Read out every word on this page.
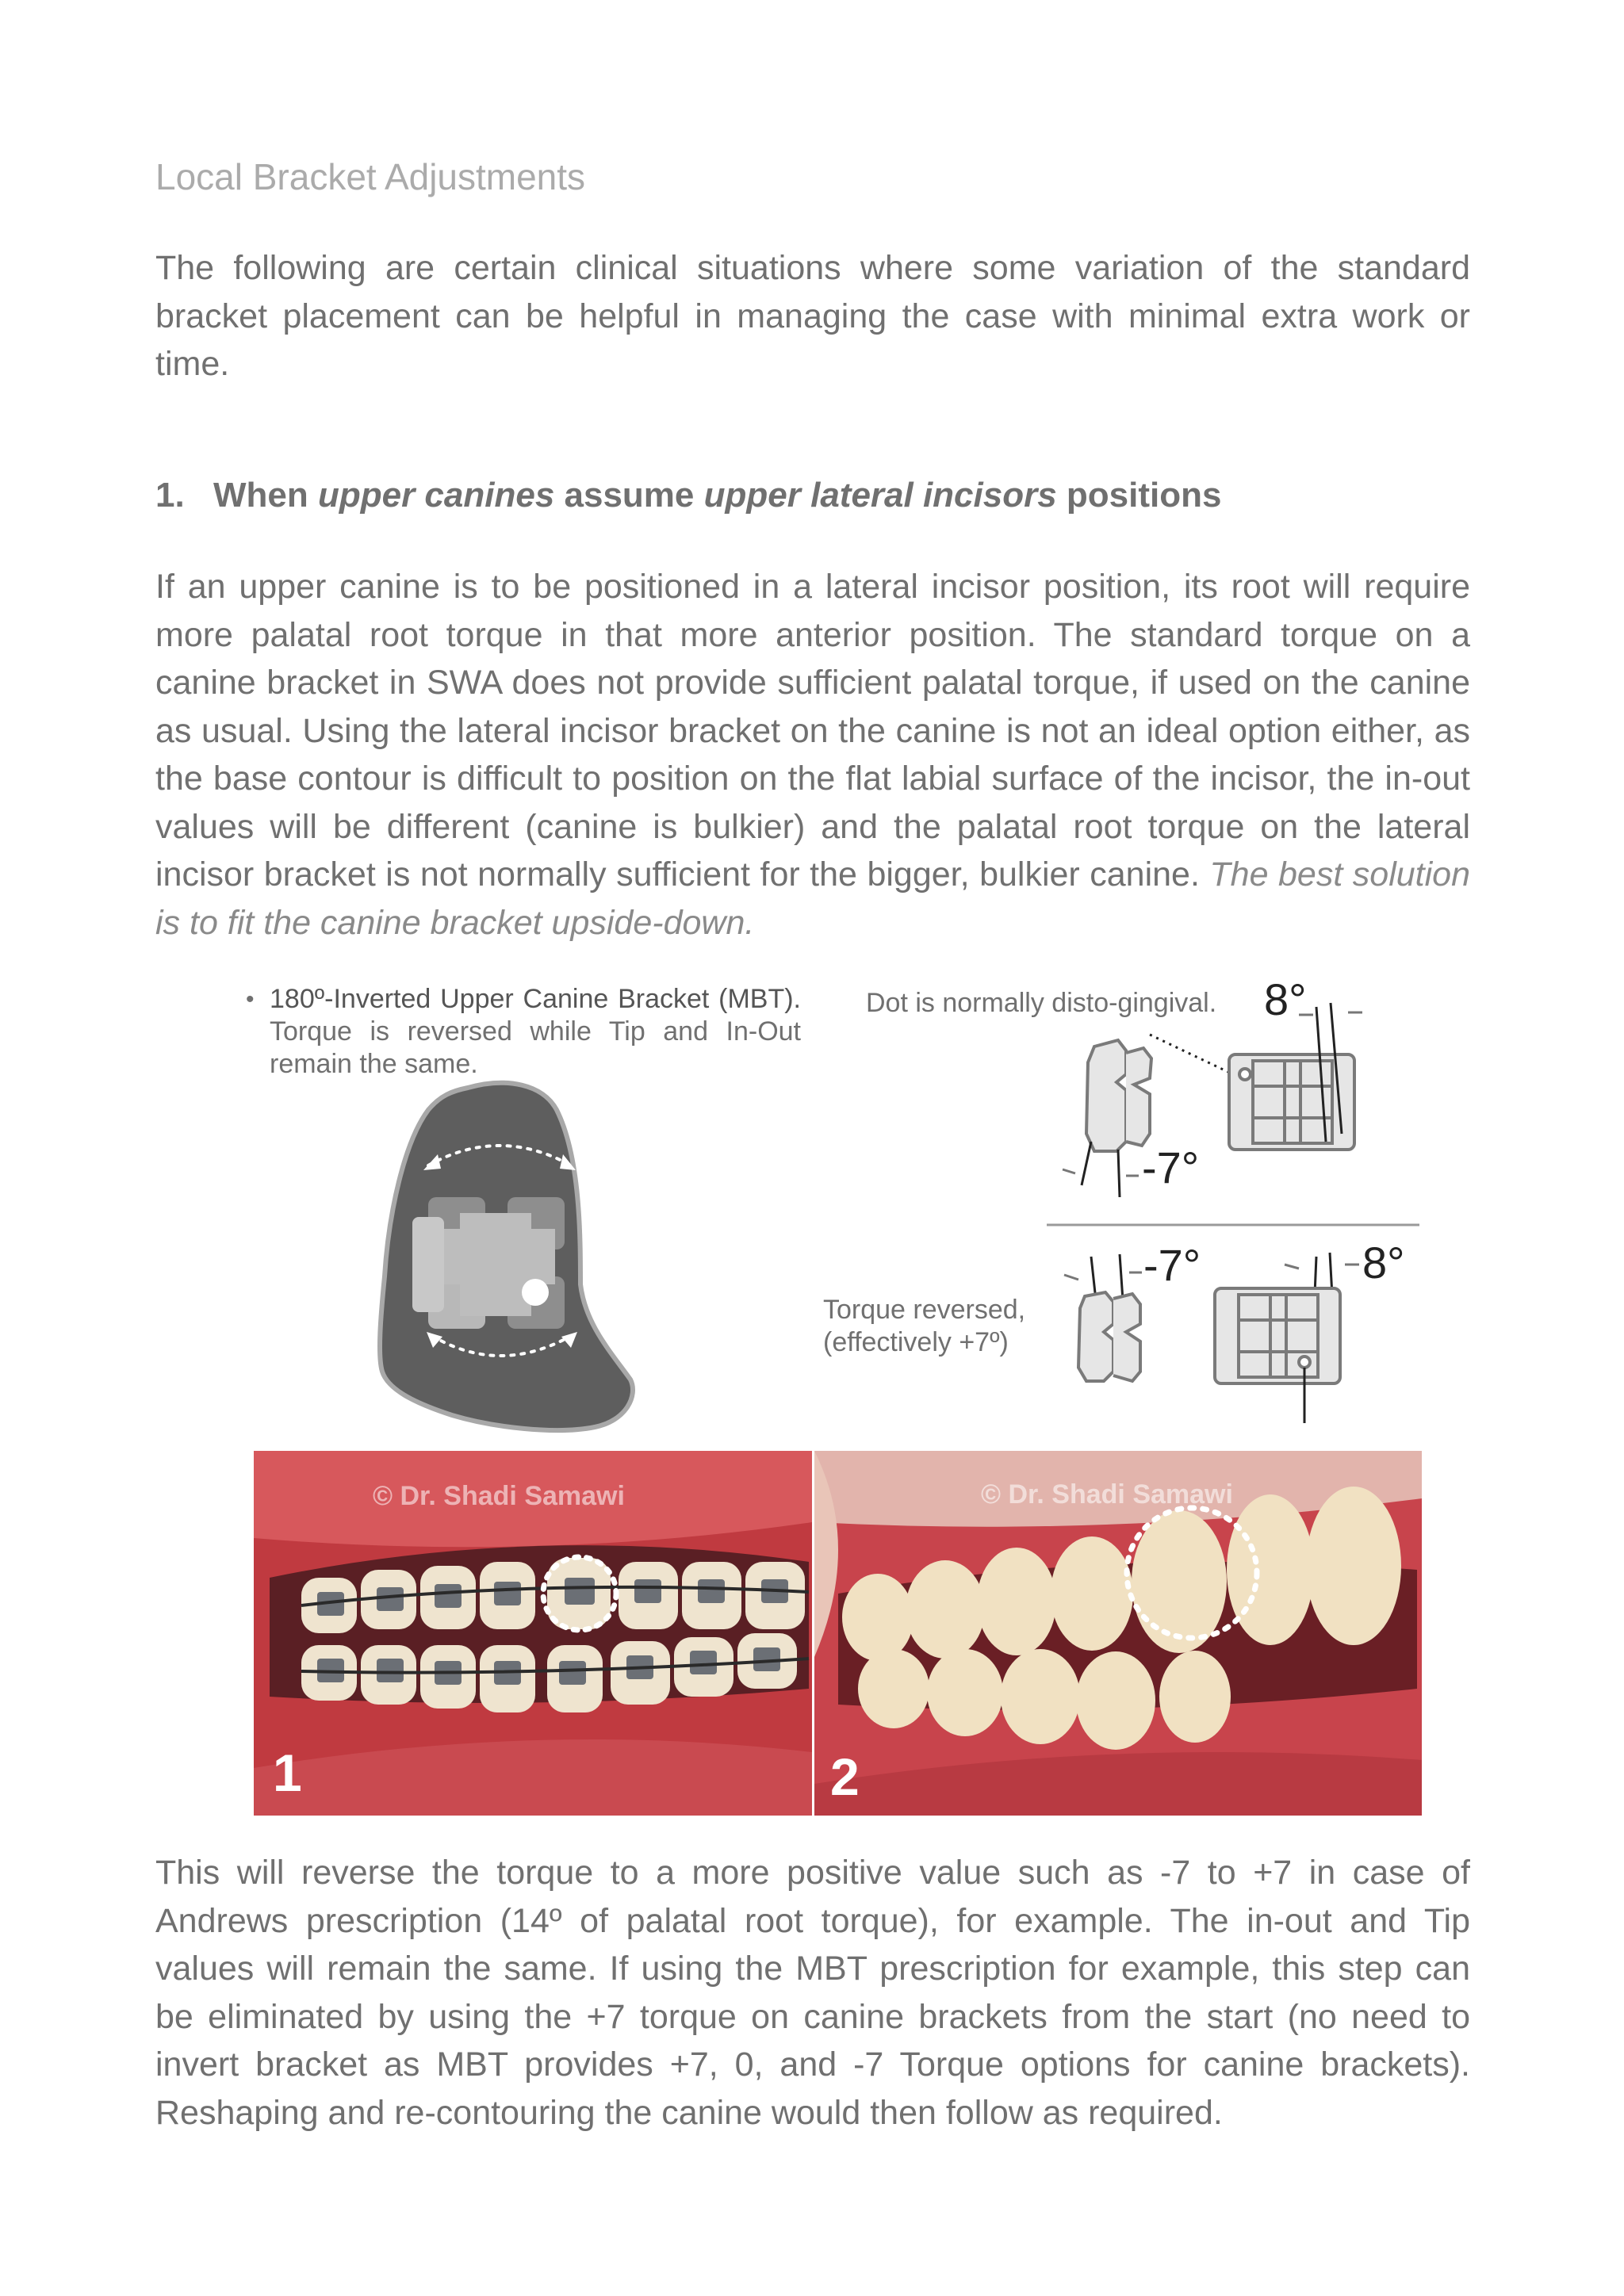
Local Bracket Adjustments
The following are certain clinical situations where some variation of the standard bracket placement can be helpful in managing the case with minimal extra work or time.
1. When upper canines assume upper lateral incisors positions
If an upper canine is to be positioned in a lateral incisor position, its root will require more palatal root torque in that more anterior position. The standard torque on a canine bracket in SWA does not provide sufficient palatal torque, if used on the canine as usual. Using the lateral incisor bracket on the canine is not an ideal option either, as the base contour is difficult to position on the flat labial surface of the incisor, the in-out values will be different (canine is bulkier) and the palatal root torque on the lateral incisor bracket is not normally sufficient for the bigger, bulkier canine. The best solution is to fit the canine bracket upside-down.
• 180º-Inverted Upper Canine Bracket (MBT). Torque is reversed while Tip and In-Out remain the same.
Dot is normally disto-gingival. 8°
-7°
-7°	8°
Torque reversed,
(effectively +7º)
© Dr. Shadi Samawi
1
© Dr. Shadi Samawi
2
This will reverse the torque to a more positive value such as -7 to +7 in case of Andrews prescription (14º of palatal root torque), for example. The in-out and Tip values will remain the same. If using the MBT prescription for example, this step can be eliminated by using the +7 torque on canine brackets from the start (no need to invert bracket as MBT provides +7, 0, and -7 Torque options for canine brackets). Reshaping and re-contouring the canine would then follow as required.
